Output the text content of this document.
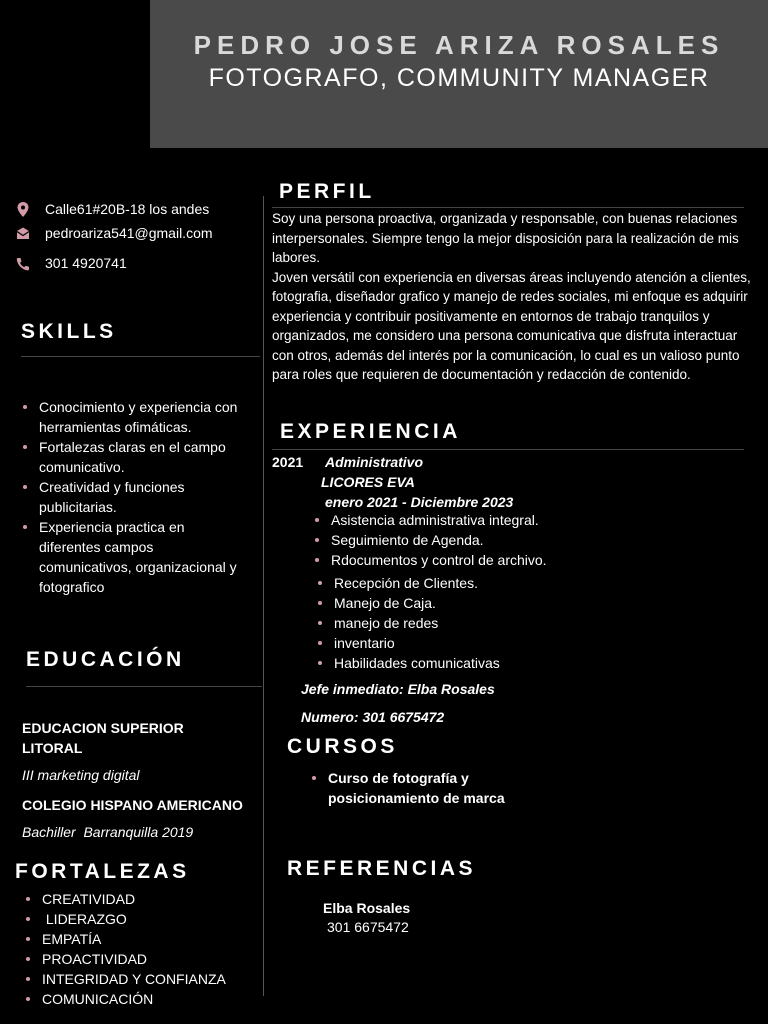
PEDRO JOSE ARIZA ROSALES
FOTOGRAFO, COMMUNITY MANAGER
Calle61#20B-18 los andes
pedroariza541@gmail.com
301 4920741
SKILLS
Conocimiento y experiencia con herramientas ofimáticas.
Fortalezas claras en el campo comunicativo.
Creatividad y funciones publicitarias.
Experiencia practica en diferentes campos comunicativos, organizacional y fotografico
EDUCACIÓN
EDUCACION SUPERIOR LITORAL
III marketing digital
COLEGIO HISPANO AMERICANO
Bachiller  Barranquilla 2019
FORTALEZAS
CREATIVIDAD
LIDERAZGO
EMPATÍA
PROACTIVIDAD
INTEGRIDAD Y CONFIANZA
COMUNICACIÓN
PERFIL
Soy una persona proactiva, organizada y responsable, con buenas relaciones interpersonales. Siempre tengo la mejor disposición para la realización de mis labores.
Joven versátil con experiencia en diversas áreas incluyendo atención a clientes, fotografia, diseñador grafico y manejo de redes sociales, mi enfoque es adquirir experiencia y contribuir positivamente en entornos de trabajo tranquilos y organizados, me considero una persona comunicativa que disfruta interactuar con otros, además del interés por la comunicación, lo cual es un valioso punto para roles que requieren de documentación y redacción de contenido.
EXPERIENCIA
2021 Administrativo
LICORES EVA
enero 2021 - Diciembre 2023
Asistencia administrativa integral.
Seguimiento de Agenda.
Rdocumentos y control de archivo.
Recepción de Clientes.
Manejo de Caja.
manejo de redes
inventario
Habilidades comunicativas
Jefe inmediato: Elba Rosales
Numero: 301 6675472
CURSOS
Curso de fotografía y posicionamiento de marca
REFERENCIAS
Elba Rosales
301 6675472
